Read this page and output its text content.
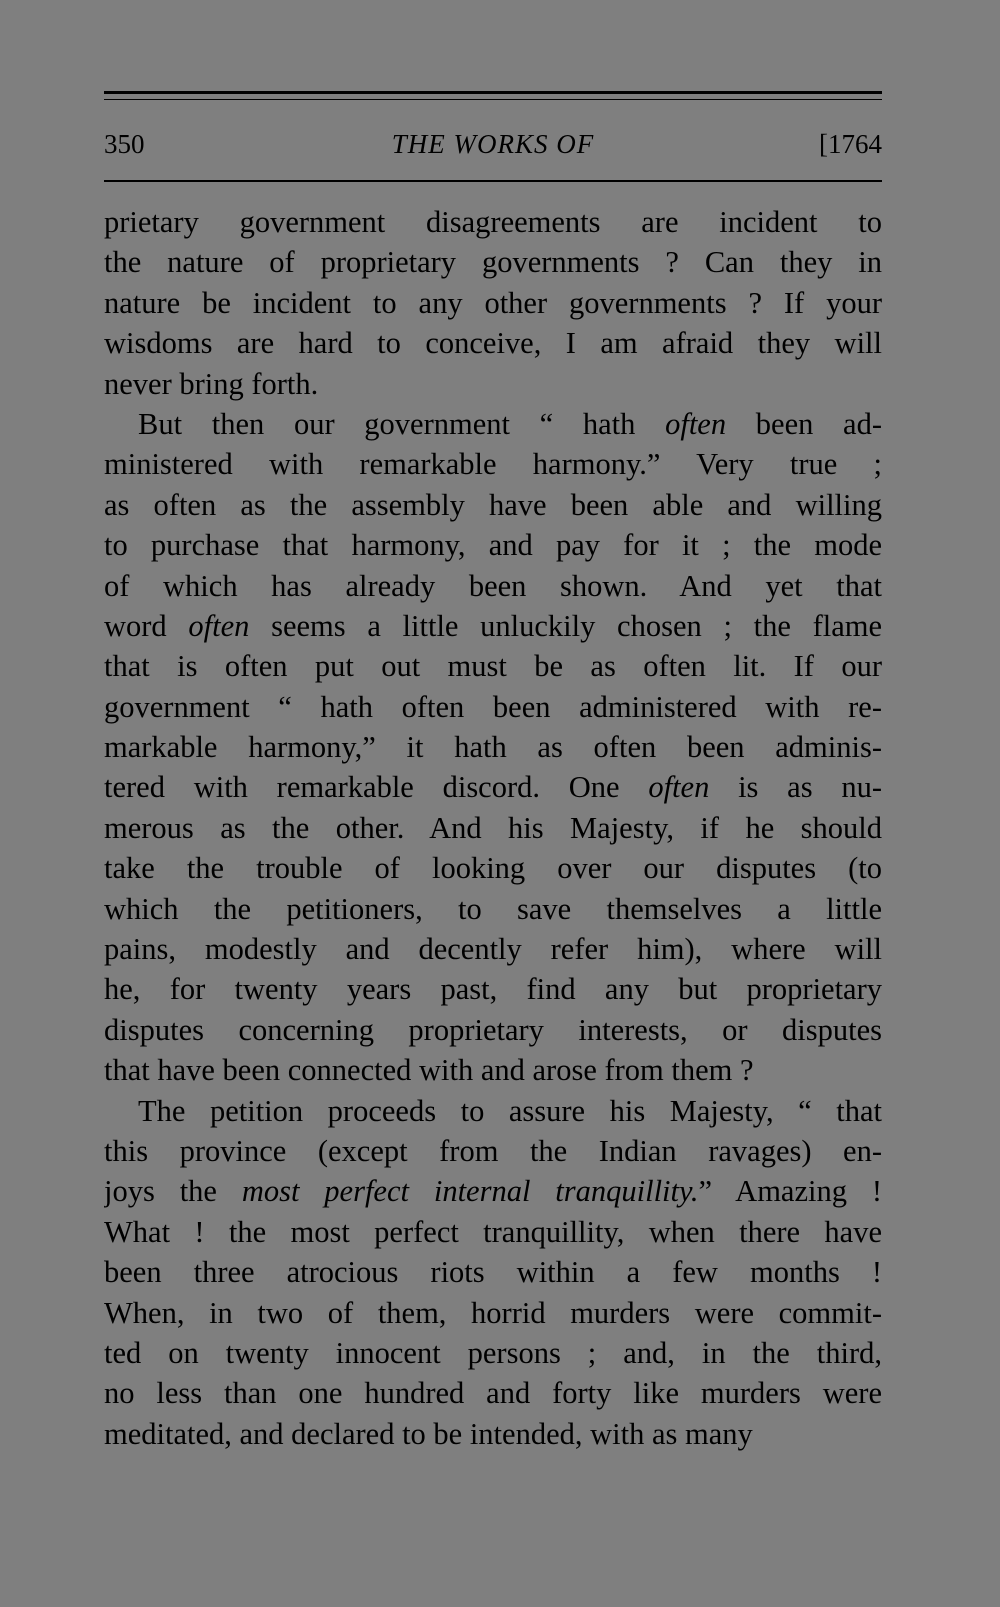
350	THE WORKS OF	[1764
prietary government disagreements are incident to
the nature of proprietary governments ? Can they in
nature be incident to any other governments ? If your
wisdoms are hard to conceive, I am afraid they will
never bring forth.
But then our government “ hath often been ad-
ministered with remarkable harmony.” Very true ;
as often as the assembly have been able and willing
to purchase that harmony, and pay for it ; the mode
of which has already been shown. And yet that
word often seems a little unluckily chosen ; the flame
that is often put out must be as often lit. If our
government “ hath often been administered with re-
markable harmony,” it hath as often been adminis-
tered with remarkable discord. One often is as nu-
merous as the other. And his Majesty, if he should
take the trouble of looking over our disputes (to
which the petitioners, to save themselves a little
pains, modestly and decently refer him), where will
he, for twenty years past, find any but proprietary
disputes concerning proprietary interests, or disputes
that have been connected with and arose from them ?
The petition proceeds to assure his Majesty, “ that
this province (except from the Indian ravages) en-
joys the most perfect internal tranquillity.” Amazing !
What ! the most perfect tranquillity, when there have
been three atrocious riots within a few months !
When, in two of them, horrid murders were commit-
ted on twenty innocent persons ; and, in the third,
no less than one hundred and forty like murders were
meditated, and declared to be intended, with as many
